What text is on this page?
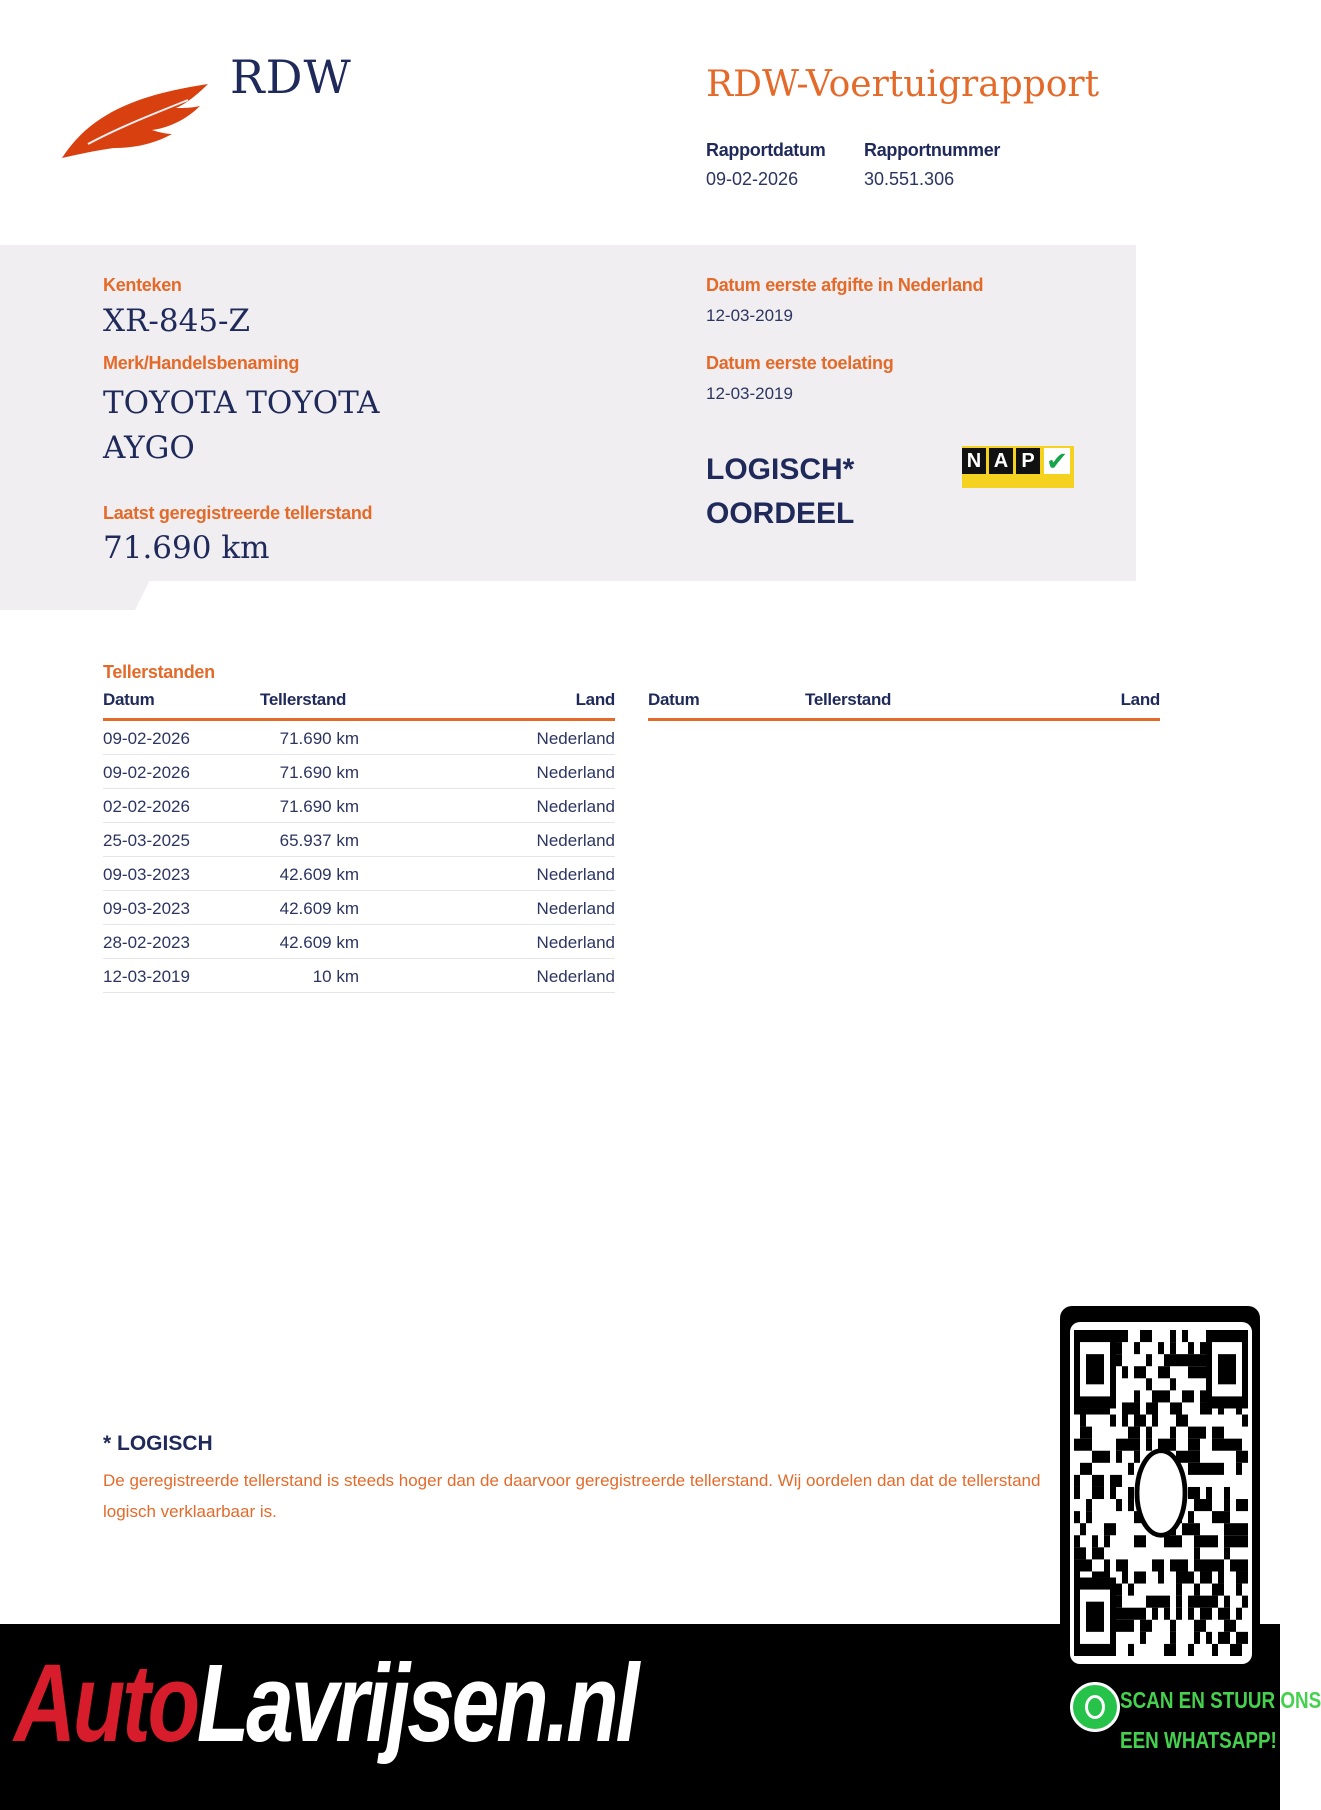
RDW	RDW-Voertuigrapport
Rapportdatum
09-02-2026
Rapportnummer
30.551.306
Kenteken
XR-845-Z
Merk/Handelsbenaming
TOYOTA TOYOTA
AYGO
Laatst geregistreerde tellerstand
71.690 km
Datum eerste afgifte in Nederland
12-03-2019
Datum eerste toelating
12-03-2019
LOGISCH*
OORDEEL
N A P ✔
Tellerstanden
Datum	Tellerstand	Land
09-02-2026	71.690 km	Nederland
09-02-2026	71.690 km	Nederland
02-02-2026	71.690 km	Nederland
25-03-2025	65.937 km	Nederland
09-03-2023	42.609 km	Nederland
09-03-2023	42.609 km	Nederland
28-02-2023	42.609 km	Nederland
12-03-2019	10 km	Nederland
Datum	Tellerstand	Land
* LOGISCH
De geregistreerde tellerstand is steeds hoger dan de daarvoor geregistreerde tellerstand. Wij oordelen dan dat de tellerstand logisch verklaarbaar is.
AutoLavrijsen.nl	SCAN EN STUUR ONS
EEN WHATSAPP!
